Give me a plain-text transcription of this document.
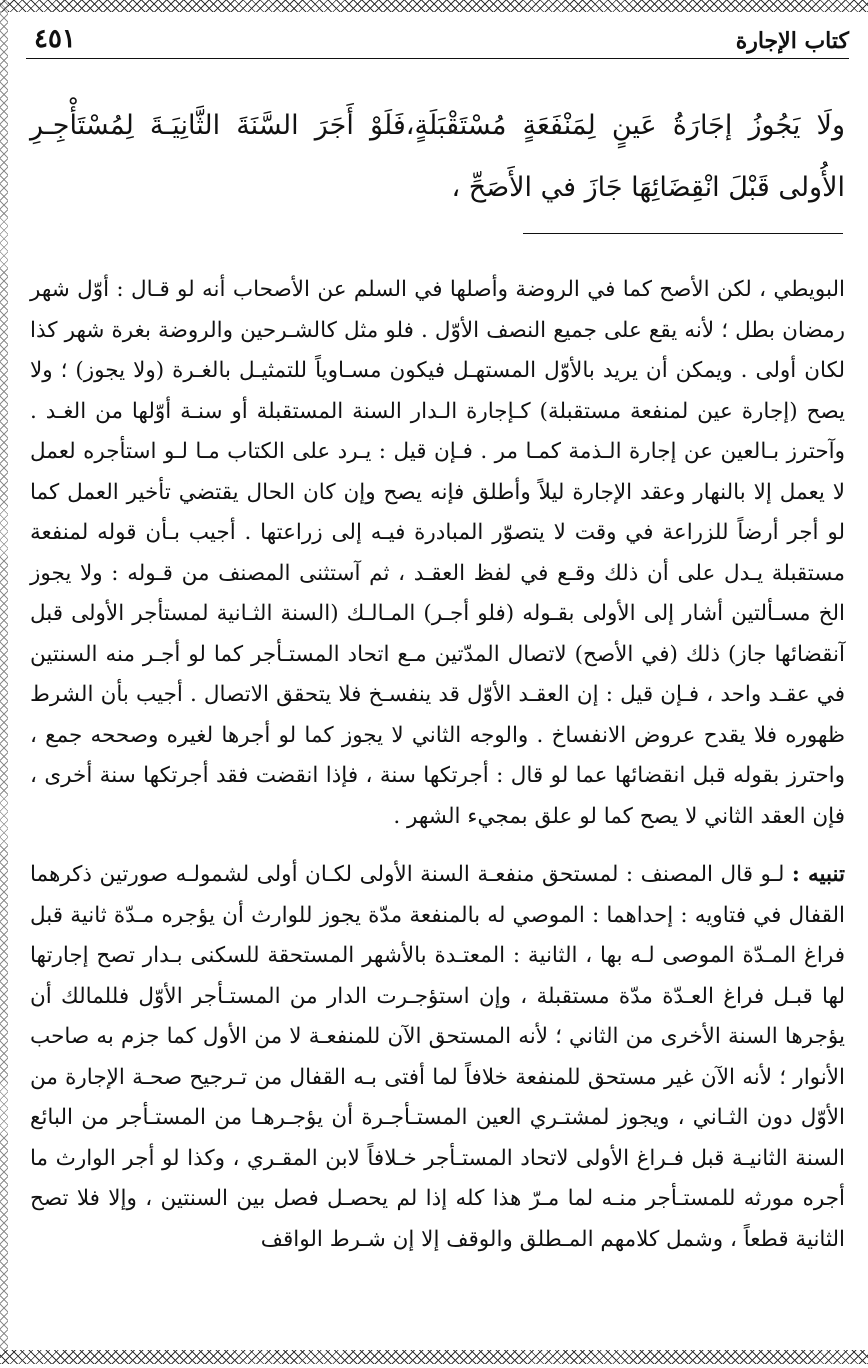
كتاب الإجارة
٤٥١
ولَا يَجُوزُ إجَارَةُ عَينٍ لِمَنْفَعَةٍ مُسْتَقْبَلَةٍ،فَلَوْ أَجَرَ السَّنَةَ الثَّانِيَـةَ لِمُسْتَأْجِـرِ الأُولى قَبْلَ انْقِضَائِهَا جَازَ في الأَصَحِّ ،

البويطي ، لكن الأصح كما في الروضة وأصلها في السلم عن الأصحاب أنه لو قـال : أوّل شهر رمضان بطل ؛ لأنه يقع على جميع النصف الأوّل . فلو مثل كالشـرحين والروضة بغرة شهر كذا لكان أولى . ويمكن أن يريد بالأوّل المستهـل فيكون مسـاوياً للتمثيـل بالغـرة (ولا يجوز) ؛ ولا يصح (إجارة عين لمنفعة مستقبلة) كـإجارة الـدار السنة المستقبلة أو سنـة أوّلها من الغـد . وآحترز بـالعين عن إجارة الـذمة كمـا مر . فـإن قيل : يـرد على الكتاب مـا لـو استأجره لعمل لا يعمل إلا بالنهار وعقد الإجارة ليلاً وأطلق فإنه يصح وإن كان الحال يقتضي تأخير العمل كما لو أجر أرضاً للزراعة في وقت لا يتصوّر المبادرة فيـه إلى زراعتها . أجيب بـأن قوله لمنفعة مستقبلة يـدل على أن ذلك وقـع في لفظ العقـد ، ثم آستثنى المصنف من قـوله : ولا يجوز الخ مسـألتين أشار إلى الأولى بقـوله (فلو أجـر) المـالـك (السنة الثـانية لمستأجر الأولى قبل آنقضائها جاز) ذلك (في الأصح) لاتصال المدّتين مـع اتحاد المستـأجر كما لو أجـر منه السنتين في عقـد واحد ، فـإن قيل : إن العقـد الأوّل قد ينفسـخ فلا يتحقق الاتصال . أجيب بأن الشرط ظهوره فلا يقدح عروض الانفساخ . والوجه الثاني لا يجوز كما لو أجرها لغيره وصححه جمع ، واحترز بقوله قبل انقضائها عما لو قال : أجرتكها سنة ، فإذا انقضت فقد أجرتكها سنة أخرى ، فإن العقد الثاني لا يصح كما لو علق بمجيء الشهر .

تنبيه : لـو قال المصنف : لمستحق منفعـة السنة الأولى لكـان أولى لشمولـه صورتين ذكرهما القفال في فتاويه : إحداهما : الموصي له بالمنفعة مدّة يجوز للوارث أن يؤجره مـدّة ثانية قبل فراغ المـدّة الموصى لـه بها ، الثانية : المعتـدة بالأشهر المستحقة للسكنى بـدار تصح إجارتها لها قبـل فراغ العـدّة مدّة مستقبلة ، وإن استؤجـرت الدار من المستـأجر الأوّل فللمالك أن يؤجرها السنة الأخرى من الثاني ؛ لأنه المستحق الآن للمنفعـة لا من الأول كما جزم به صاحب الأنوار ؛ لأنه الآن غير مستحق للمنفعة خلافاً لما أفتى بـه القفال من تـرجيح صحـة الإجارة من الأوّل دون الثـاني ، ويجوز لمشتـري العين المستـأجـرة أن يؤجـرهـا من المستـأجر من البائع السنة الثانيـة قبل فـراغ الأولى لاتحاد المستـأجر خـلافاً لابن المقـري ، وكذا لو أجر الوارث ما أجره مورثه للمستـأجر منـه لما مـرّ هذا كله إذا لم يحصـل فصل بين السنتين ، وإلا فلا تصح الثانية قطعاً ، وشمل كلامهم المـطلق والوقف إلا إن شـرط الواقف
